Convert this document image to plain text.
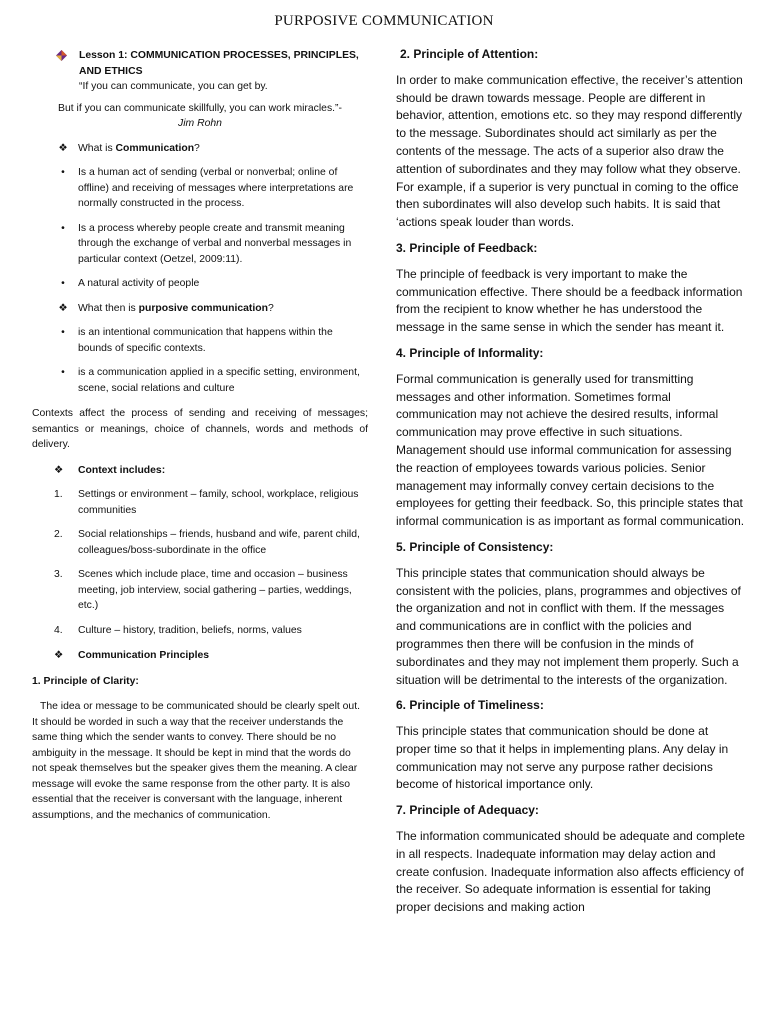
PURPOSIVE COMMUNICATION
Lesson 1: COMMUNICATION PROCESSES, PRINCIPLES,
AND ETHICS
“If you can communicate, you can get by.
But if you can communicate skillfully, you can work miracles.”-
Jim Rohn
❖ What is Communication?
•	Is a human act of sending (verbal or nonverbal; online of offline) and receiving of messages where interpretations are normally constructed in the process.
•	Is a process whereby people create and transmit meaning through the exchange of verbal and nonverbal messages in particular context (Oetzel, 2009:11).
•	A natural activity of people
❖ What then is purposive communication?
•	is an intentional communication that happens within the bounds of specific contexts.
•	is a communication applied in a specific setting, environment, scene, social relations and culture
Contexts affect the process of sending and receiving of messages; semantics or meanings, choice of channels, words and methods of delivery.
❖ Context includes:
1.	Settings or environment – family, school, workplace, religious communities
2.	Social relationships – friends, husband and wife, parent child, colleagues/boss-subordinate in the office
3.	Scenes which include place, time and occasion – business meeting, job interview, social gathering – parties, weddings, etc.)
4.	Culture – history, tradition, beliefs, norms, values
❖ Communication Principles
1. Principle of Clarity:
The idea or message to be communicated should be clearly spelt out. It should be worded in such a way that the receiver understands the same thing which the sender wants to convey. There should be no ambiguity in the message. It should be kept in mind that the words do not speak themselves but the speaker gives them the meaning. A clear message will evoke the same response from the other party. It is also essential that the receiver is conversant with the language, inherent assumptions, and the mechanics of communication.
2. Principle of Attention:
In order to make communication effective, the receiver’s attention should be drawn towards message. People are different in behavior, attention, emotions etc. so they may respond differently to the message. Subordinates should act similarly as per the contents of the message. The acts of a superior also draw the attention of subordinates and they may follow what they observe. For example, if a superior is very punctual in coming to the office then subordinates will also develop such habits. It is said that ‘actions speak louder than words.
3. Principle of Feedback:
The principle of feedback is very important to make the communication effective. There should be a feedback information from the recipient to know whether he has understood the message in the same sense in which the sender has meant it.
4. Principle of Informality:
Formal communication is generally used for transmitting messages and other information. Sometimes formal communication may not achieve the desired results, informal communication may prove effective in such situations. Management should use informal communication for assessing the reaction of employees towards various policies. Senior management may informally convey certain decisions to the employees for getting their feedback. So, this principle states that informal communication is as important as formal communication.
5. Principle of Consistency:
This principle states that communication should always be consistent with the policies, plans, programmes and objectives of the organization and not in conflict with them. If the messages and communications are in conflict with the policies and programmes then there will be confusion in the minds of subordinates and they may not implement them properly. Such a situation will be detrimental to the interests of the organization.
6. Principle of Timeliness:
This principle states that communication should be done at proper time so that it helps in implementing plans. Any delay in communication may not serve any purpose rather decisions become of historical importance only.
7. Principle of Adequacy:
The information communicated should be adequate and complete in all respects. Inadequate information may delay action and create confusion. Inadequate information also affects efficiency of the receiver. So adequate information is essential for taking proper decisions and making action
